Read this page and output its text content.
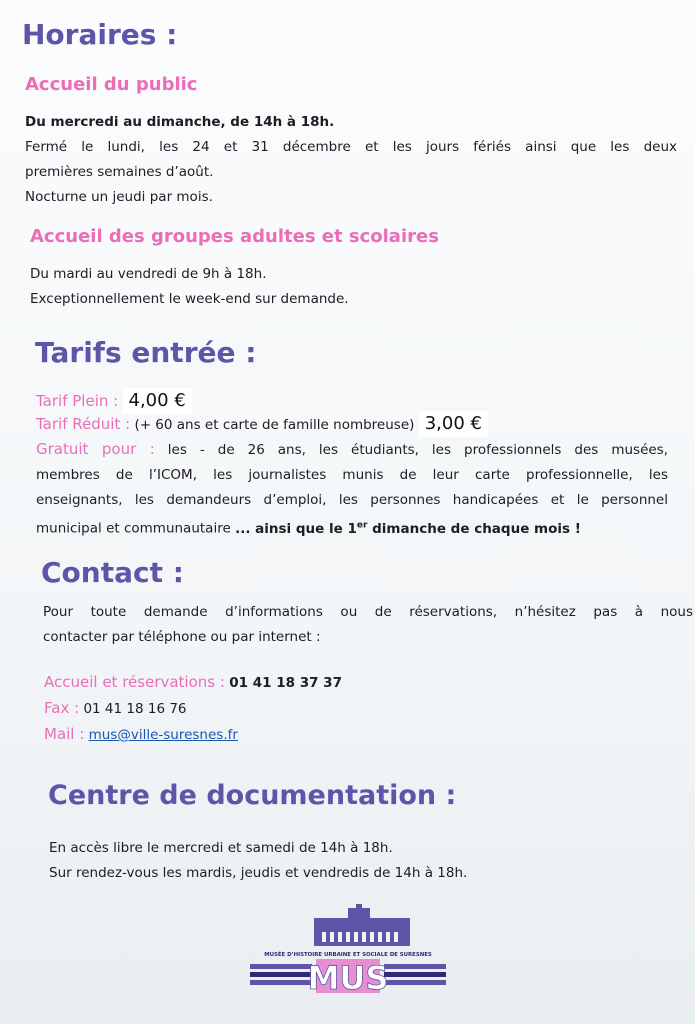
Horaires :
Accueil du public
Du mercredi au dimanche, de 14h à 18h.
Fermé le lundi, les 24 et 31 décembre et les jours fériés ainsi que les deux
premières semaines d’août.
Nocturne un jeudi par mois.
Accueil des groupes adultes et scolaires
Du mardi au vendredi de 9h à 18h.
Exceptionnellement le week-end sur demande.
Tarifs entrée :
Tarif Plein : 4,00 €
Tarif Réduit : (+ 60 ans et carte de famille nombreuse) 3,00 €
Gratuit pour : les - de 26 ans, les étudiants, les professionnels des musées,
membres de l’ICOM, les journalistes munis de leur carte professionnelle, les
enseignants, les demandeurs d’emploi, les personnes handicapées et le personnel
municipal et communautaire ... ainsi que le 1er dimanche de chaque mois !
Contact :
Pour toute demande d’informations ou de réservations, n’hésitez pas à nous
contacter par téléphone ou par internet :
Accueil et réservations : 01 41 18 37 37
Fax : 01 41 18 16 76
Mail : mus@ville-suresnes.fr
Centre de documentation :
En accès libre le mercredi et samedi de 14h à 18h.
Sur rendez-vous les mardis, jeudis et vendredis de 14h à 18h.
MUSÉE D’HISTOIRE URBAINE ET SOCIALE DE SURESNES
MUS
